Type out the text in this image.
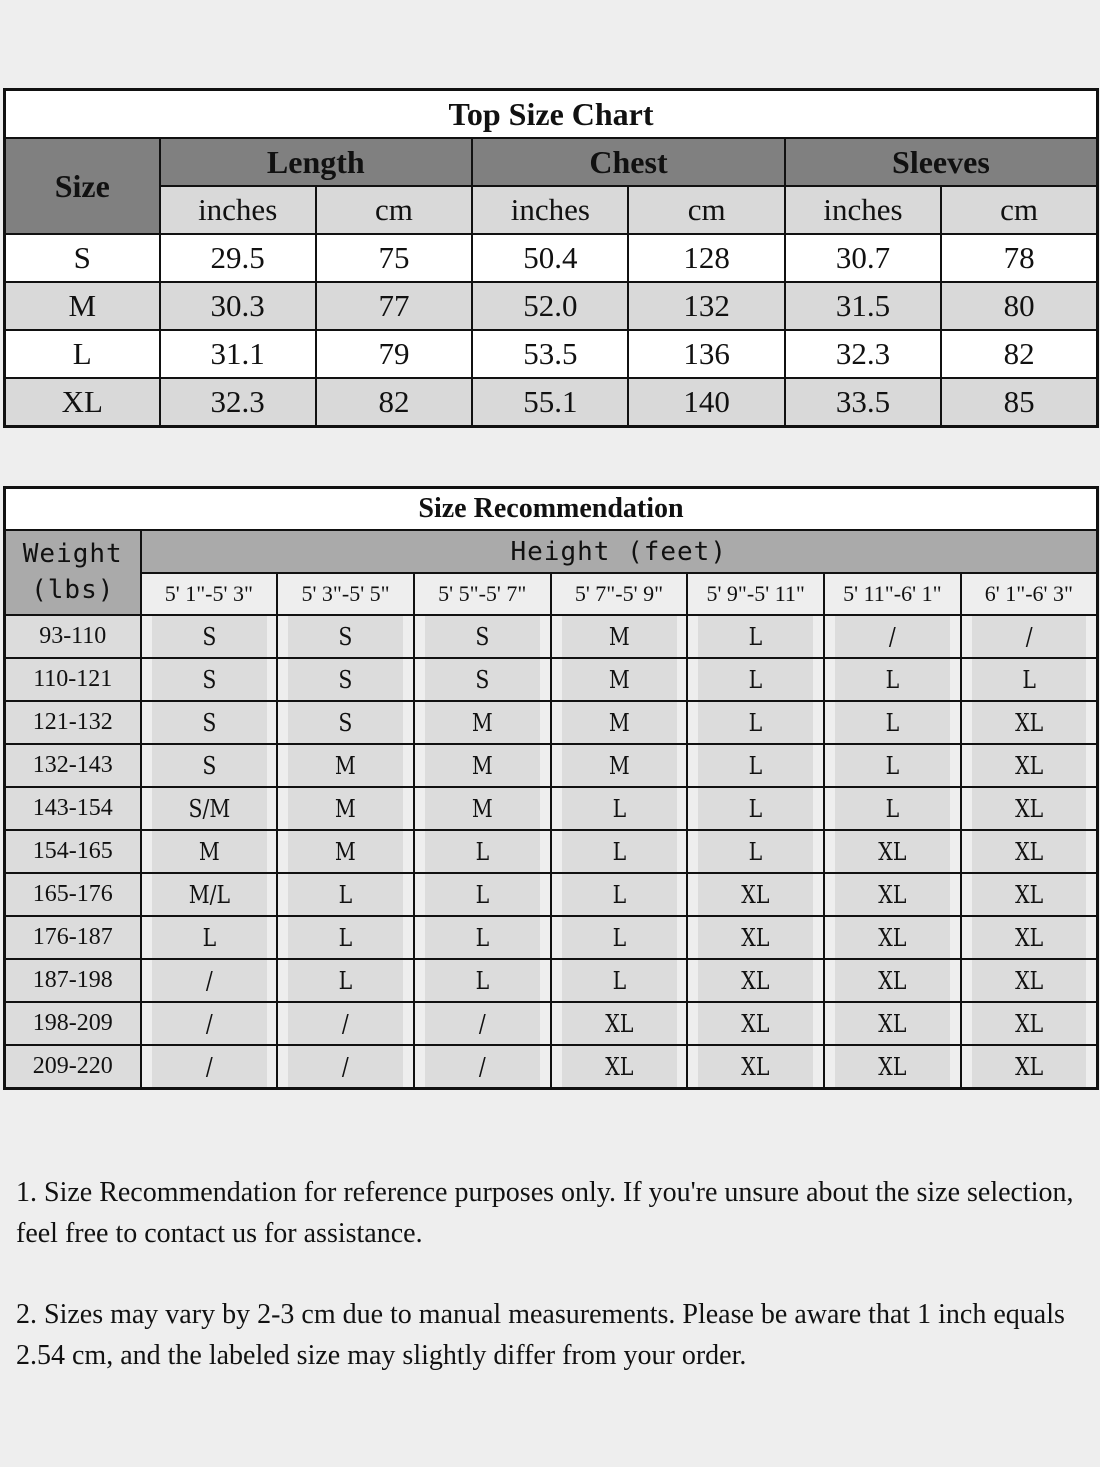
Top Size Chart						
Size	Length		Chest		Sleeves	
	inches	cm	inches	cm	inches	cm
S	29.5	75	50.4	128	30.7	78
M	30.3	77	52.0	132	31.5	80
L	31.1	79	53.5	136	32.3	82
XL	32.3	82	55.1	140	33.5	85
Size Recommendation							
Weight
(lbs)	Height (feet)						
	5' 1"-5' 3"	5' 3"-5' 5"	5' 5"-5' 7"	5' 7"-5' 9"	5' 9"-5' 11"	5' 11"-6' 1"	6' 1"-6' 3"
93-110	S	S	S	M	L	/	/
110-121	S	S	S	M	L	L	L
121-132	S	S	M	M	L	L	XL
132-143	S	M	M	M	L	L	XL
143-154	S/M	M	M	L	L	L	XL
154-165	M	M	L	L	L	XL	XL
165-176	M/L	L	L	L	XL	XL	XL
176-187	L	L	L	L	XL	XL	XL
187-198	/	L	L	L	XL	XL	XL
198-209	/	/	/	XL	XL	XL	XL
209-220	/	/	/	XL	XL	XL	XL

1. Size Recommendation for reference purposes only. If you're unsure about the size selection, feel free to contact us for assistance.

2. Sizes may vary by 2-3 cm due to manual measurements. Please be aware that 1 inch equals 2.54 cm, and the labeled size may slightly differ from your order.
